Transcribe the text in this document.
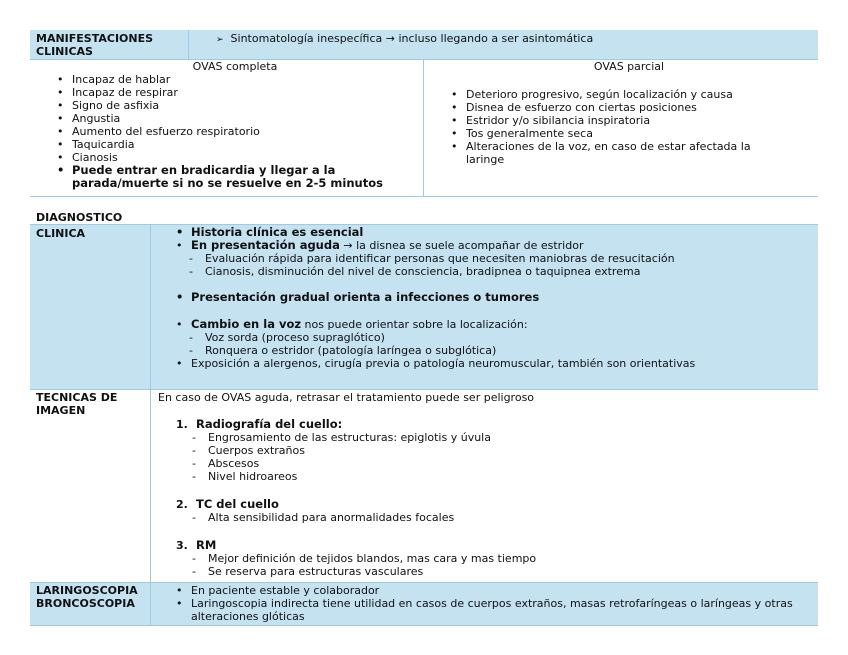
MANIFESTACIONES CLINICAS
➢ Sintomatología inespecífica → incluso llegando a ser asintomática
OVAS completa
• Incapaz de hablar
• Incapaz de respirar
• Signo de asfixia
• Angustia
• Aumento del esfuerzo respiratorio
• Taquicardia
• Cianosis
• Puede entrar en bradicardia y llegar a la parada/muerte si no se resuelve en 2-5 minutos
OVAS parcial
• Deterioro progresivo, según localización y causa
• Disnea de esfuerzo con ciertas posiciones
• Estridor y/o sibilancia inspiratoria
• Tos generalmente seca
• Alteraciones de la voz, en caso de estar afectada la laringe
DIAGNOSTICO
CLINICA
•	Historia clínica es esencial
• En presentación aguda → la disnea se suele acompañar de estridor
- Evaluación rápida para identificar personas que necesiten maniobras de resucitación
- Cianosis, disminución del nivel de consciencia, bradipnea o taquipnea extrema
• Presentación gradual orienta a infecciones o tumores
• Cambio en la voz nos puede orientar sobre la localización:
- Voz sorda (proceso supraglótico)
- Ronquera o estridor (patología laríngea o subglótica)
• Exposición a alergenos, cirugía previa o patología neuromuscular, también son orientativas
TECNICAS DE IMAGEN
En caso de OVAS aguda, retrasar el tratamiento puede ser peligroso
1. Radiografía del cuello:
- Engrosamiento de las estructuras: epiglotis y úvula
- Cuerpos extraños
- Abscesos
- Nivel hidroareos
2. TC del cuello
- Alta sensibilidad para anormalidades focales
3. RM
- Mejor definición de tejidos blandos, mas cara y mas tiempo
- Se reserva para estructuras vasculares
LARINGOSCOPIA BRONCOSCOPIA
• En paciente estable y colaborador
• Laringoscopia indirecta tiene utilidad en casos de cuerpos extraños, masas retrofaríngeas o laríngeas y otras alteraciones glóticas
